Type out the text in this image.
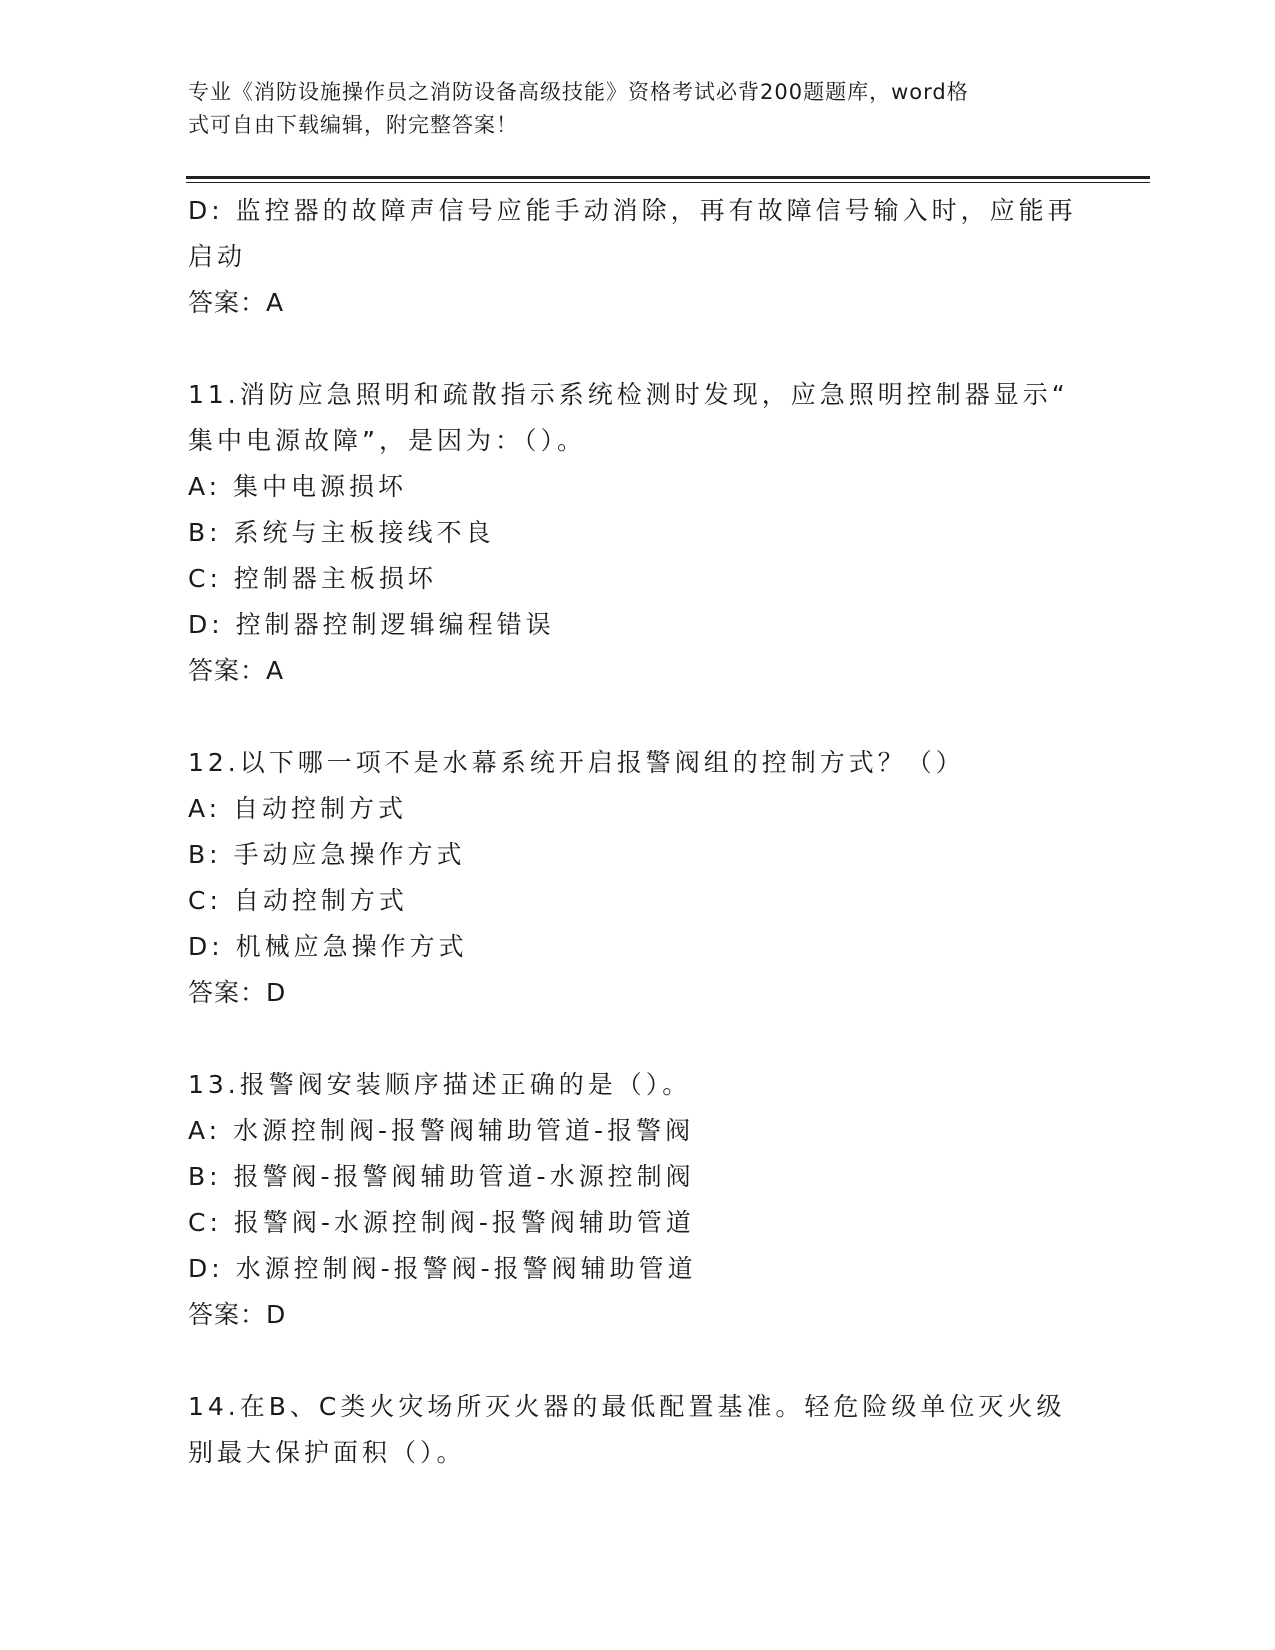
专业《消防设施操作员之消防设备高级技能》资格考试必背200题题库，word格
式可自由下载编辑，附完整答案！
D: 监控器的故障声信号应能手动消除，再有故障信号输入时，应能再
启动
答案：A
11.消防应急照明和疏散指示系统检测时发现，应急照明控制器显示“
集中电源故障”，是因为：（）。
A: 集中电源损坏
B: 系统与主板接线不良
C: 控制器主板损坏
D: 控制器控制逻辑编程错误
答案：A
12.以下哪一项不是水幕系统开启报警阀组的控制方式？（）
A: 自动控制方式
B: 手动应急操作方式
C: 自动控制方式
D: 机械应急操作方式
答案：D
13.报警阀安装顺序描述正确的是（）。
A: 水源控制阀-报警阀辅助管道-报警阀
B: 报警阀-报警阀辅助管道-水源控制阀
C: 报警阀-水源控制阀-报警阀辅助管道
D: 水源控制阀-报警阀-报警阀辅助管道
答案：D
14.在B、C类火灾场所灭火器的最低配置基准。轻危险级单位灭火级
别最大保护面积（）。
